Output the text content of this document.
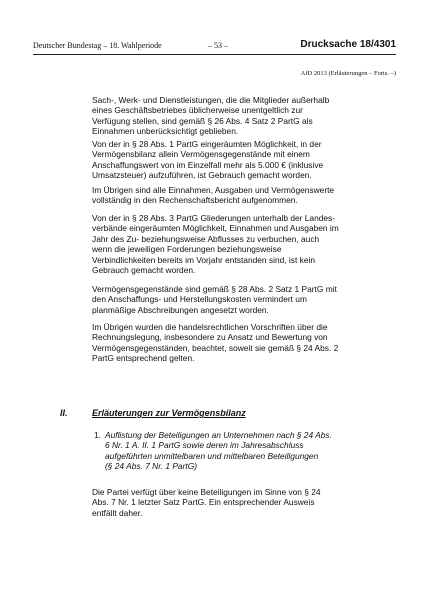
Deutscher Bundestag – 18. Wahlperiode	– 53 –	Drucksache 18/4301
AfD 2013 (Erläuterungen – Forts. –)
Sach-, Werk- und Dienstleistungen, die die Mitglieder außerhalb
eines Geschäftsbetriebes üblicherweise unentgeltlich zur
Verfügung stellen, sind gemäß § 26 Abs. 4 Satz 2 PartG als
Einnahmen unberücksichtigt geblieben.
Von der in § 28 Abs. 1 PartG eingeräumten Möglichkeit, in der
Vermögensbilanz allein Vermögensgegenstände mit einem
Anschaffungswert von im Einzelfall mehr als 5.000 € (inklusive
Umsatzsteuer) aufzuführen, ist Gebrauch gemacht worden.
Im Übrigen sind alle Einnahmen, Ausgaben und Vermögenswerte
vollständig in den Rechenschaftsbericht aufgenommen.
Von der in § 28 Abs. 3 PartG Gliederungen unterhalb der Landes-
verbände eingeräumten Möglichkeit, Einnahmen und Ausgaben im
Jahr des Zu- beziehungsweise Abflusses zu verbuchen, auch
wenn die jeweiligen Forderungen beziehungsweise
Verbindlichkeiten bereits im Vorjahr entstanden sind, ist kein
Gebrauch gemacht worden.
Vermögensgegenstände sind gemäß § 28 Abs. 2 Satz 1 PartG mit
den Anschaffungs- und Herstellungskosten vermindert um
planmäßige Abschreibungen angesetzt worden.
Im Übrigen wurden die handelsrechtlichen Vorschriften über die
Rechnungslegung, insbesondere zu Ansatz und Bewertung von
Vermögensgegenständen, beachtet, soweit sie gemäß § 24 Abs. 2
PartG entsprechend gelten.
II.	Erläuterungen zur Vermögensbilanz
1. Auflistung der Beteiligungen an Unternehmen nach § 24 Abs.
6 Nr. 1 A. II. 1 PartG sowie deren im Jahresabschluss
aufgeführten unmittelbaren und mittelbaren Beteiligungen
(§ 24 Abs. 7 Nr. 1 PartG)
Die Partei verfügt über keine Beteiligungen im Sinne von § 24
Abs. 7 Nr. 1 letzter Satz PartG. Ein entsprechender Ausweis
entfällt daher.
